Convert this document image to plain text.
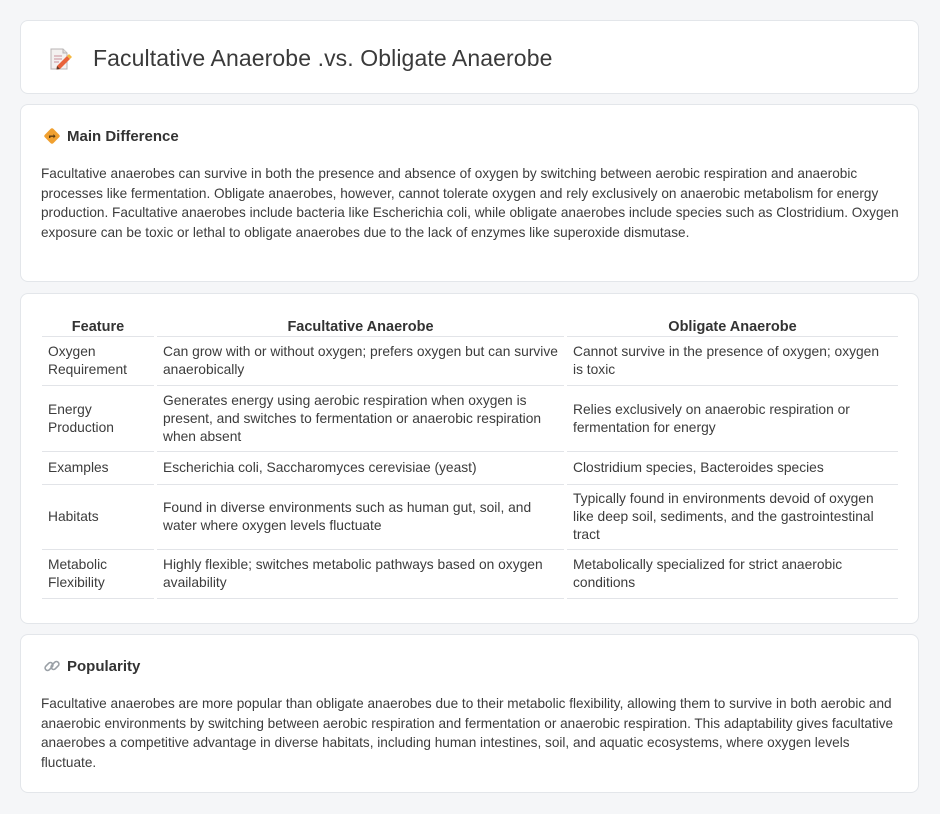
Facultative Anaerobe .vs. Obligate Anaerobe
Main Difference

Facultative anaerobes can survive in both the presence and absence of oxygen by switching between aerobic respiration and anaerobic processes like fermentation. Obligate anaerobes, however, cannot tolerate oxygen and rely exclusively on anaerobic metabolism for energy production. Facultative anaerobes include bacteria like Escherichia coli, while obligate anaerobes include species such as Clostridium. Oxygen exposure can be toxic or lethal to obligate anaerobes due to the lack of enzymes like superoxide dismutase.

Feature		Facultative Anaerobe		Obligate Anaerobe
Oxygen Requirement		Can grow with or without oxygen; prefers oxygen but can survive anaerobically		Cannot survive in the presence of oxygen; oxygen is toxic
Energy Production		Generates energy using aerobic respiration when oxygen is present, and switches to fermentation or anaerobic respiration when absent		Relies exclusively on anaerobic respiration or fermentation for energy
Examples		Escherichia coli, Saccharomyces cerevisiae (yeast)		Clostridium species, Bacteroides species
Habitats		Found in diverse environments such as human gut, soil, and water where oxygen levels fluctuate		Typically found in environments devoid of oxygen like deep soil, sediments, and the gastrointestinal tract
Metabolic Flexibility		Highly flexible; switches metabolic pathways based on oxygen availability		Metabolically specialized for strict anaerobic conditions
Popularity

Facultative anaerobes are more popular than obligate anaerobes due to their metabolic flexibility, allowing them to survive in both aerobic and anaerobic environments by switching between aerobic respiration and fermentation or anaerobic respiration. This adaptability gives facultative anaerobes a competitive advantage in diverse habitats, including human intestines, soil, and aquatic ecosystems, where oxygen levels fluctuate.
